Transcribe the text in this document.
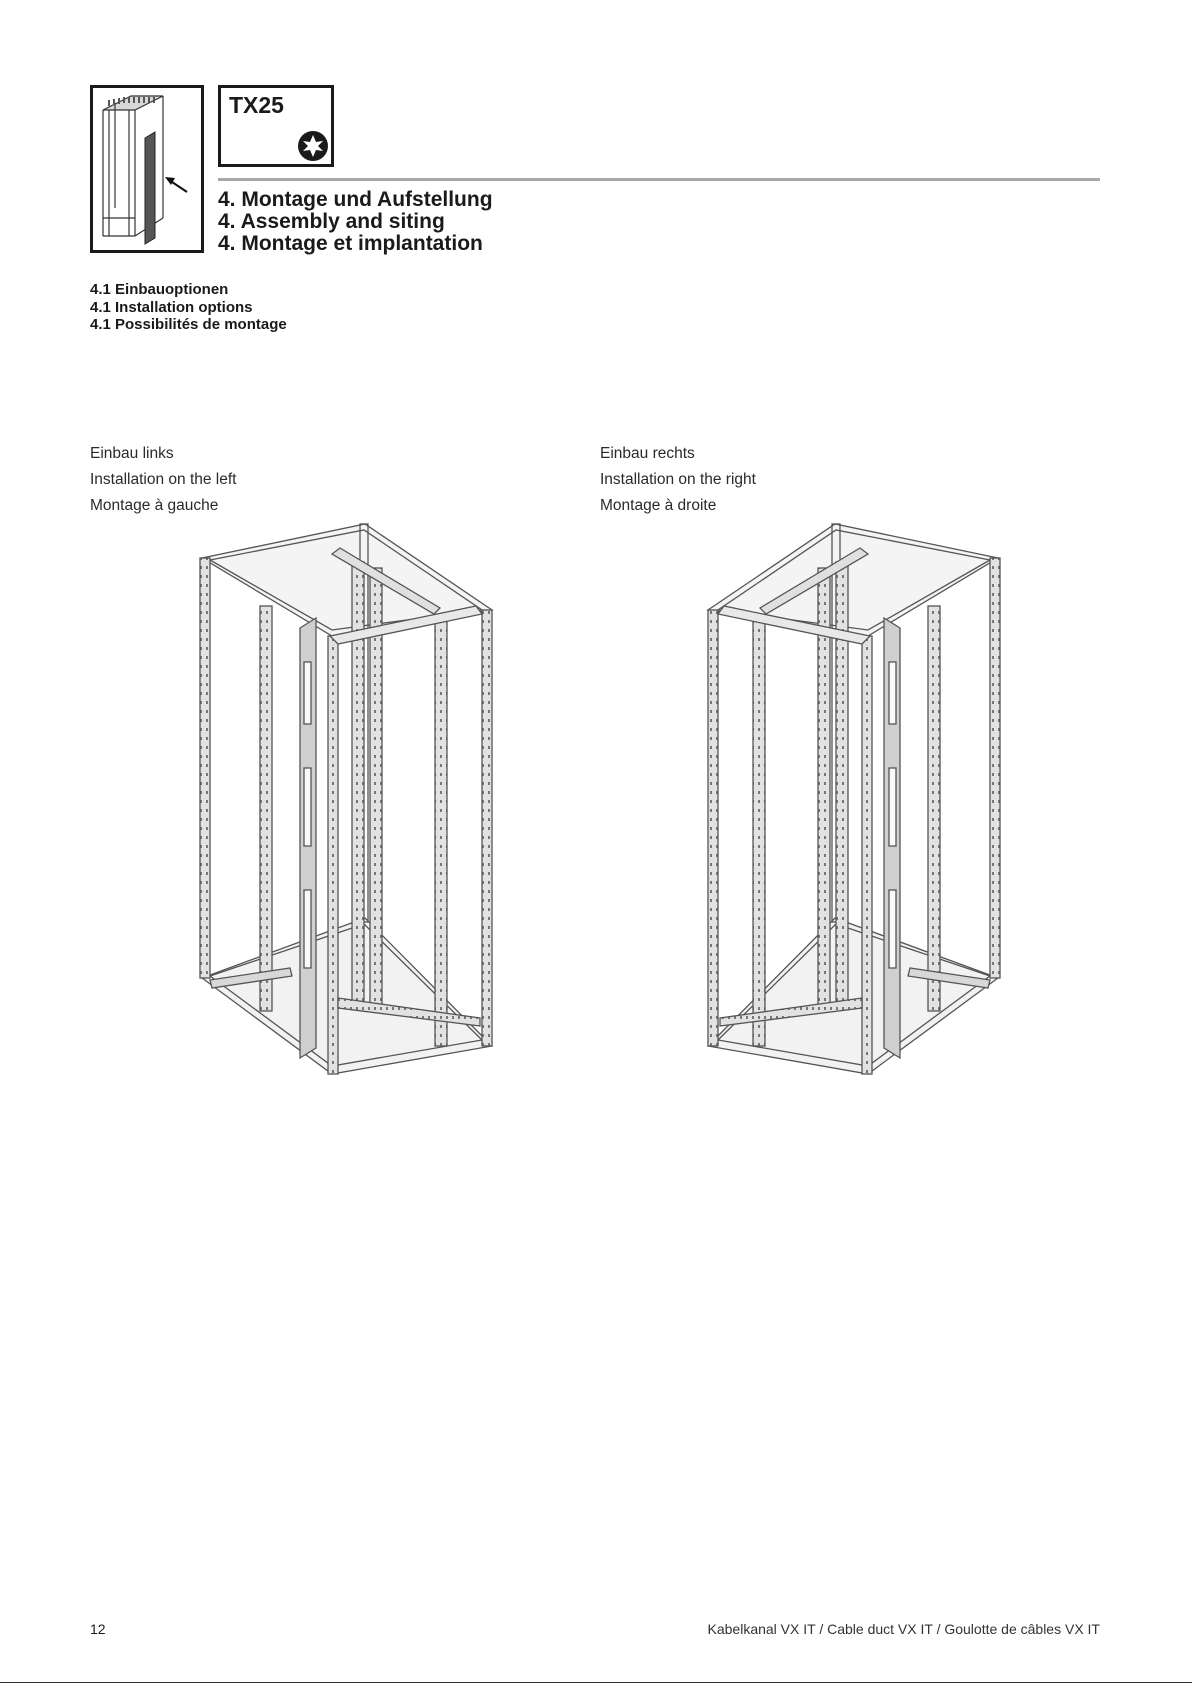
TX25
4. Montage und Aufstellung
4. Assembly and siting
4. Montage et implantation
4.1 Einbauoptionen
4.1 Installation options
4.1 Possibilités de montage
Einbau links
Installation on the left
Montage à gauche
Einbau rechts
Installation on the right
Montage à droite
12	Kabelkanal VX IT / Cable duct VX IT / Goulotte de câbles VX IT
